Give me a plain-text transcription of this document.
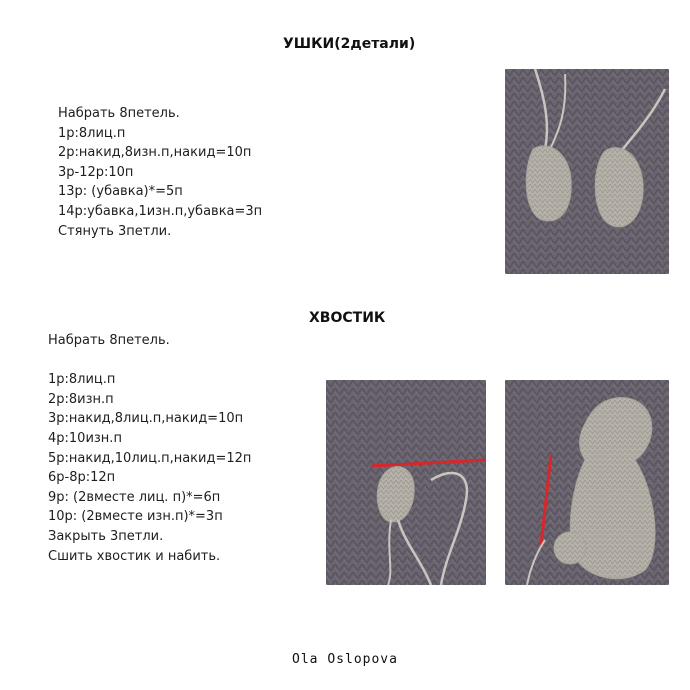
УШКИ(2детали)
Набрать 8петель.
1р:8лиц.п
2р:накид,8изн.п,накид=10п
3р-12р:10п
13р: (убавка)*=5п
14р:убавка,1изн.п,убавка=3п
Стянуть 3петли.
ХВОСТИК
Набрать 8петель.
1р:8лиц.п
2р:8изн.п
3р:накид,8лиц.п,накид=10п
4р:10изн.п
5р:накид,10лиц.п,накид=12п
6р-8р:12п
9р: (2вместе лиц. п)*=6п
10р: (2вместе изн.п)*=3п
Закрыть 3петли.
Сшить хвостик и набить.
Ola Oslopova
